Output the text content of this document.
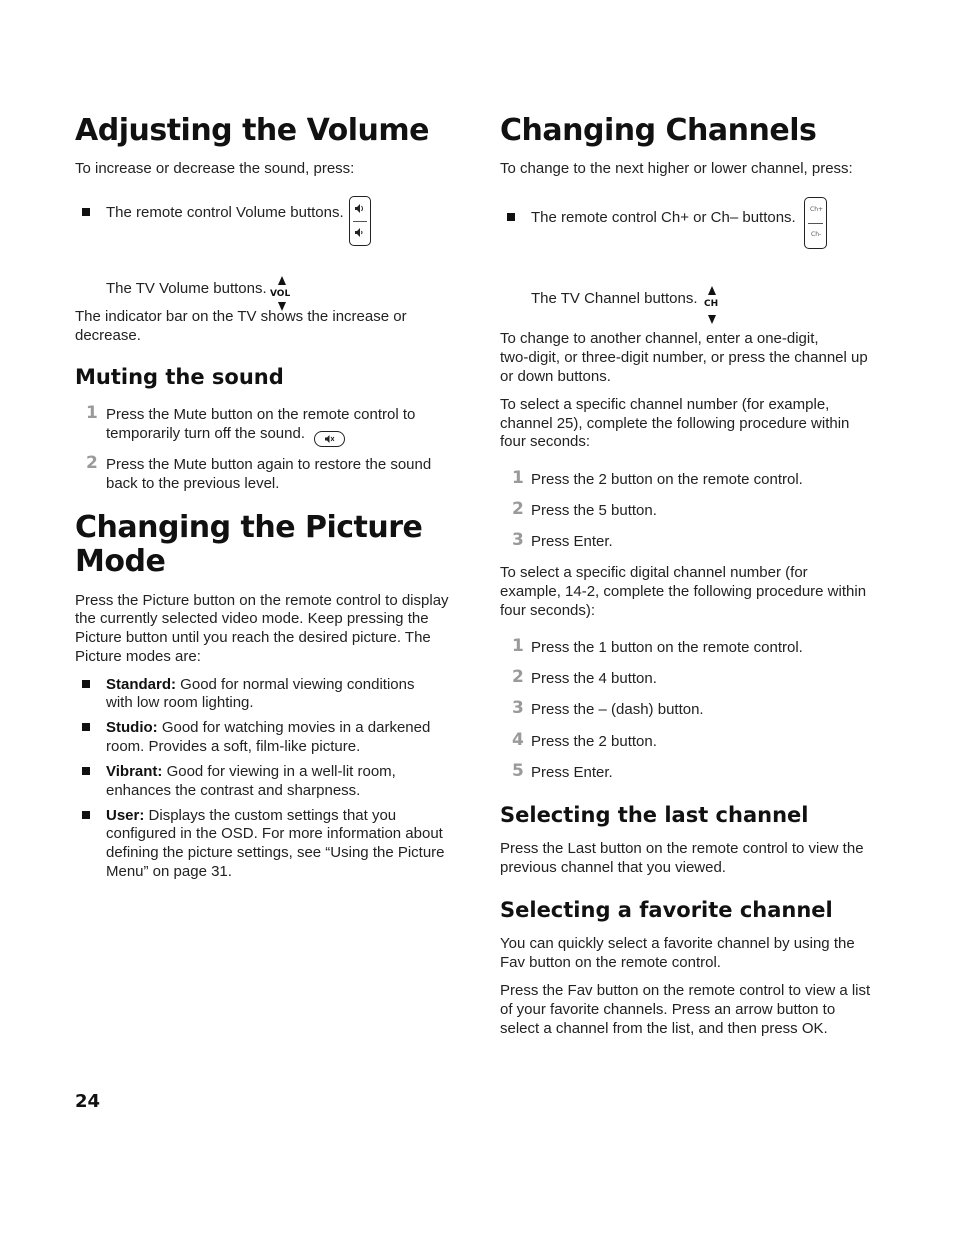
Adjusting the Volume

To increase or decrease the sound, press:

The remote control Volume buttons.

The TV Volume buttons. VOL

The indicator bar on the TV shows the increase or

decrease.

Muting the sound
1 Press the Mute button on the remote control to

temporarily turn off the sound.

2 Press the Mute button again to restore the sound

back to the previous level.

Changing the Picture
Mode

Press the Picture button on the remote control to display

the currently selected video mode. Keep pressing the

Picture button until you reach the desired picture. The

Picture modes are:

Standard: Good for normal viewing conditions

with low room lighting.

Studio: Good for watching movies in a darkened

room. Provides a soft, film-like picture.

Vibrant: Good for viewing in a well-lit room,

enhances the contrast and sharpness.

User: Displays the custom settings that you

configured in the OSD. For more information about

defining the picture settings, see “Using the Picture

Menu” on page 31.

Changing Channels

To change to the next higher or lower channel, press:

The remote control Ch+ or Ch– buttons. Ch+
Ch-

The TV Channel buttons. CH

To change to another channel, enter a one-digit,

two-digit, or three-digit number, or press the channel up

or down buttons.

To select a specific channel number (for example,

channel 25), complete the following procedure within

four seconds:

1 Press the 2 button on the remote control.

2 Press the 5 button.

3 Press Enter.

To select a specific digital channel number (for

example, 14-2, complete the following procedure within

four seconds):

1 Press the 1 button on the remote control.

2 Press the 4 button.

3 Press the – (dash) button.

4 Press the 2 button.

5 Press Enter.

Selecting the last channel

Press the Last button on the remote control to view the

previous channel that you viewed.

Selecting a favorite channel

You can quickly select a favorite channel by using the

Fav button on the remote control.

Press the Fav button on the remote control to view a list

of your favorite channels. Press an arrow button to

select a channel from the list, and then press OK.

24
